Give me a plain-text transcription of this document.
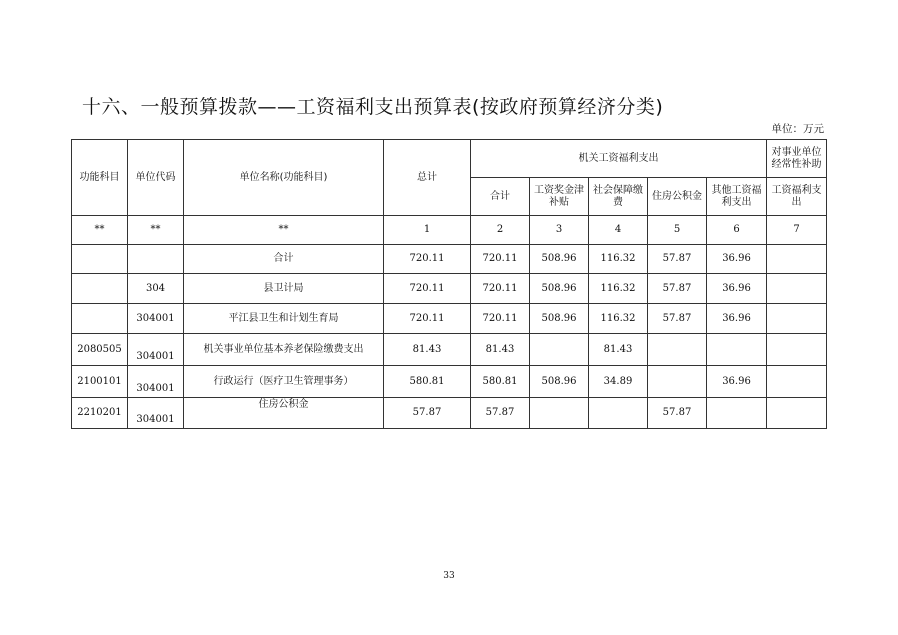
十六、一般预算拨款——工资福利支出预算表(按政府预算经济分类)
单位：万元
功能科目	单位代码	单位名称(功能科目)	总计	机关工资福利支出					对事业单位经常性补助
				合计	工资奖金津补贴	社会保障缴费	住房公积金	其他工资福利支出	工资福利支出
**	**	**	1	2	3	4	5	6	7
		合计	720.11	720.11	508.96	116.32	57.87	36.96	
	304	县卫计局	720.11	720.11	508.96	116.32	57.87	36.96	
	304001	平江县卫生和计划生育局	720.11	720.11	508.96	116.32	57.87	36.96	
2080505	304001	机关事业单位基本养老保险缴费支出	81.43	81.43		81.43			
2100101	304001	行政运行（医疗卫生管理事务）	580.81	580.81	508.96	34.89		36.96	
2210201	304001	住房公积金	57.87	57.87			57.87		
33
